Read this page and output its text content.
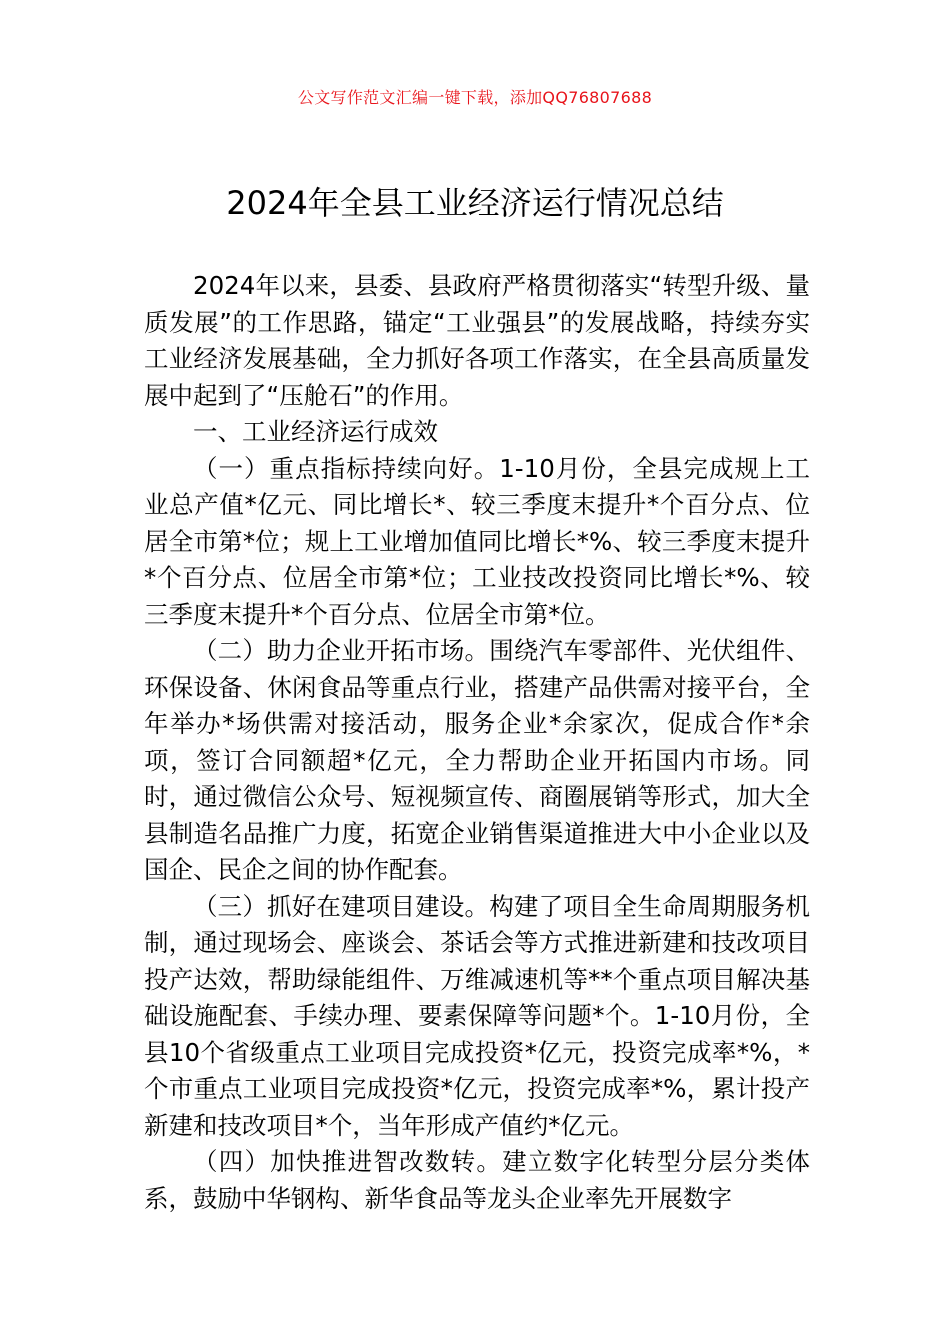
公文写作范文汇编一键下载，添加QQ76807688
2024年全县工业经济运行情况总结

2024年以来，县委、县政府严格贯彻落实“转型升级、量质发展”的工作思路，锚定“工业强县”的发展战略，持续夯实工业经济发展基础，全力抓好各项工作落实，在全县高质量发展中起到了“压舱石”的作用。

一、工业经济运行成效

（一）重点指标持续向好。1-10月份，全县完成规上工业总产值*亿元、同比增长*、较三季度末提升*个百分点、位居全市第*位；规上工业增加值同比增长*%、较三季度末提升*个百分点、位居全市第*位；工业技改投资同比增长*%、较三季度末提升*个百分点、位居全市第*位。

（二）助力企业开拓市场。围绕汽车零部件、光伏组件、环保设备、休闲食品等重点行业，搭建产品供需对接平台，全年举办*场供需对接活动，服务企业*余家次，促成合作*余项，签订合同额超*亿元，全力帮助企业开拓国内市场。同时，通过微信公众号、短视频宣传、商圈展销等形式，加大全县制造名品推广力度，拓宽企业销售渠道推进大中小企业以及国企、民企之间的协作配套。

（三）抓好在建项目建设。构建了项目全生命周期服务机制，通过现场会、座谈会、茶话会等方式推进新建和技改项目投产达效，帮助绿能组件、万维减速机等**个重点项目解决基础设施配套、手续办理、要素保障等问题*个。1-10月份，全县10个省级重点工业项目完成投资*亿元，投资完成率*%，*个市重点工业项目完成投资*亿元，投资完成率*%，累计投产新建和技改项目*个，当年形成产值约*亿元。

（四）加快推进智改数转。建立数字化转型分层分类体系，鼓励中华钢构、新华食品等龙头企业率先开展数字
